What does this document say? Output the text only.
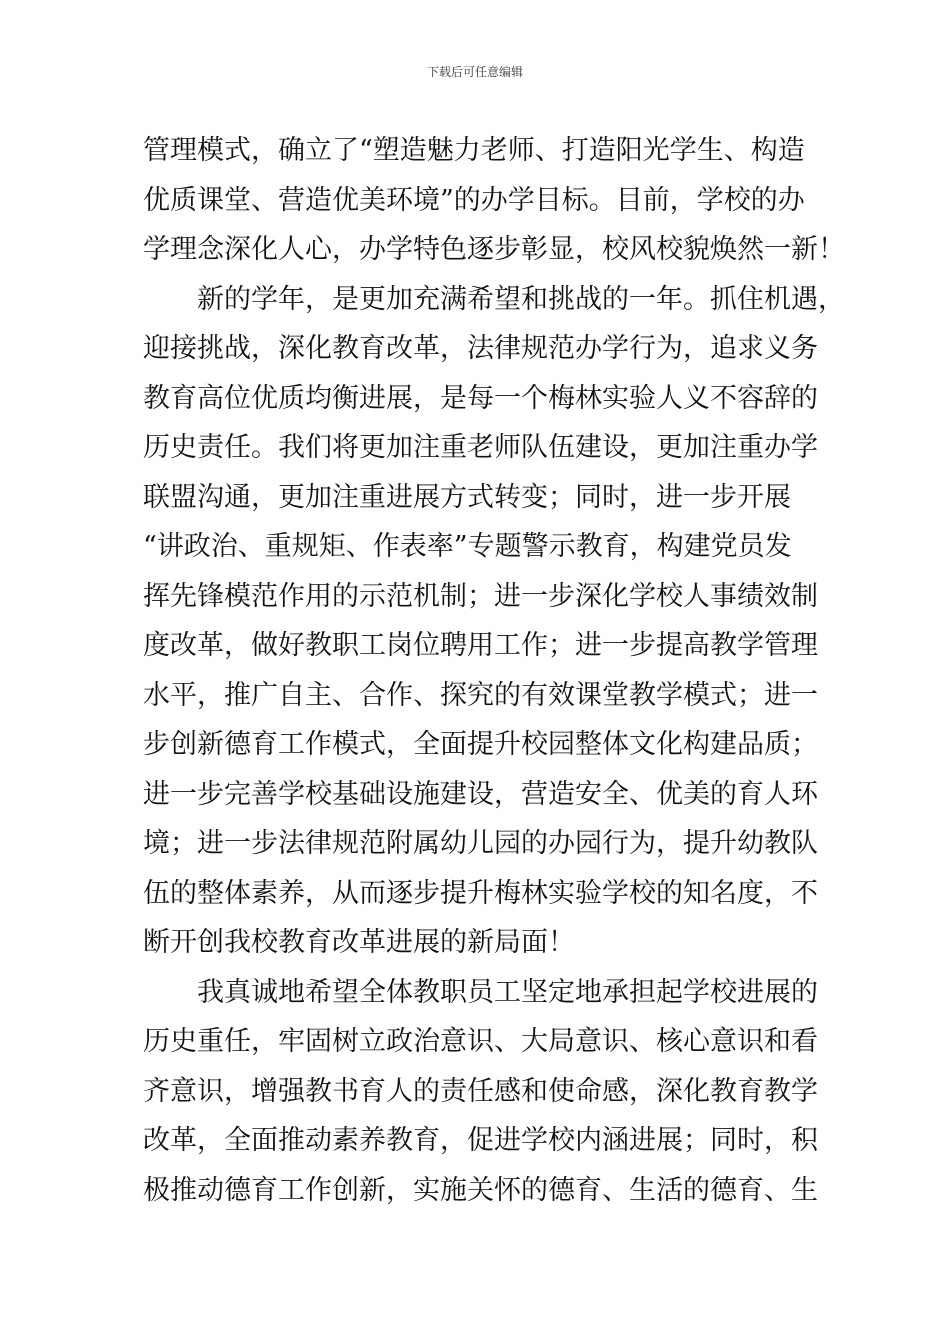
下载后可任意编辑
管理模式，确立了“塑造魅力老师、打造阳光学生、构造
优质课堂、营造优美环境”的办学目标。目前，学校的办
学理念深化人心，办学特色逐步彰显，校风校貌焕然一新！
新的学年，是更加充满希望和挑战的一年。抓住机遇，
迎接挑战，深化教育改革，法律规范办学行为，追求义务
教育高位优质均衡进展，是每一个梅林实验人义不容辞的
历史责任。我们将更加注重老师队伍建设，更加注重办学
联盟沟通，更加注重进展方式转变；同时，进一步开展
“讲政治、重规矩、作表率”专题警示教育，构建党员发
挥先锋模范作用的示范机制；进一步深化学校人事绩效制
度改革，做好教职工岗位聘用工作；进一步提高教学管理
水平，推广自主、合作、探究的有效课堂教学模式；进一
步创新德育工作模式，全面提升校园整体文化构建品质；
进一步完善学校基础设施建设，营造安全、优美的育人环
境；进一步法律规范附属幼儿园的办园行为，提升幼教队
伍的整体素养，从而逐步提升梅林实验学校的知名度，不
断开创我校教育改革进展的新局面！
我真诚地希望全体教职员工坚定地承担起学校进展的
历史重任，牢固树立政治意识、大局意识、核心意识和看
齐意识，增强教书育人的责任感和使命感，深化教育教学
改革，全面推动素养教育，促进学校内涵进展；同时，积
极推动德育工作创新，实施关怀的德育、生活的德育、生
